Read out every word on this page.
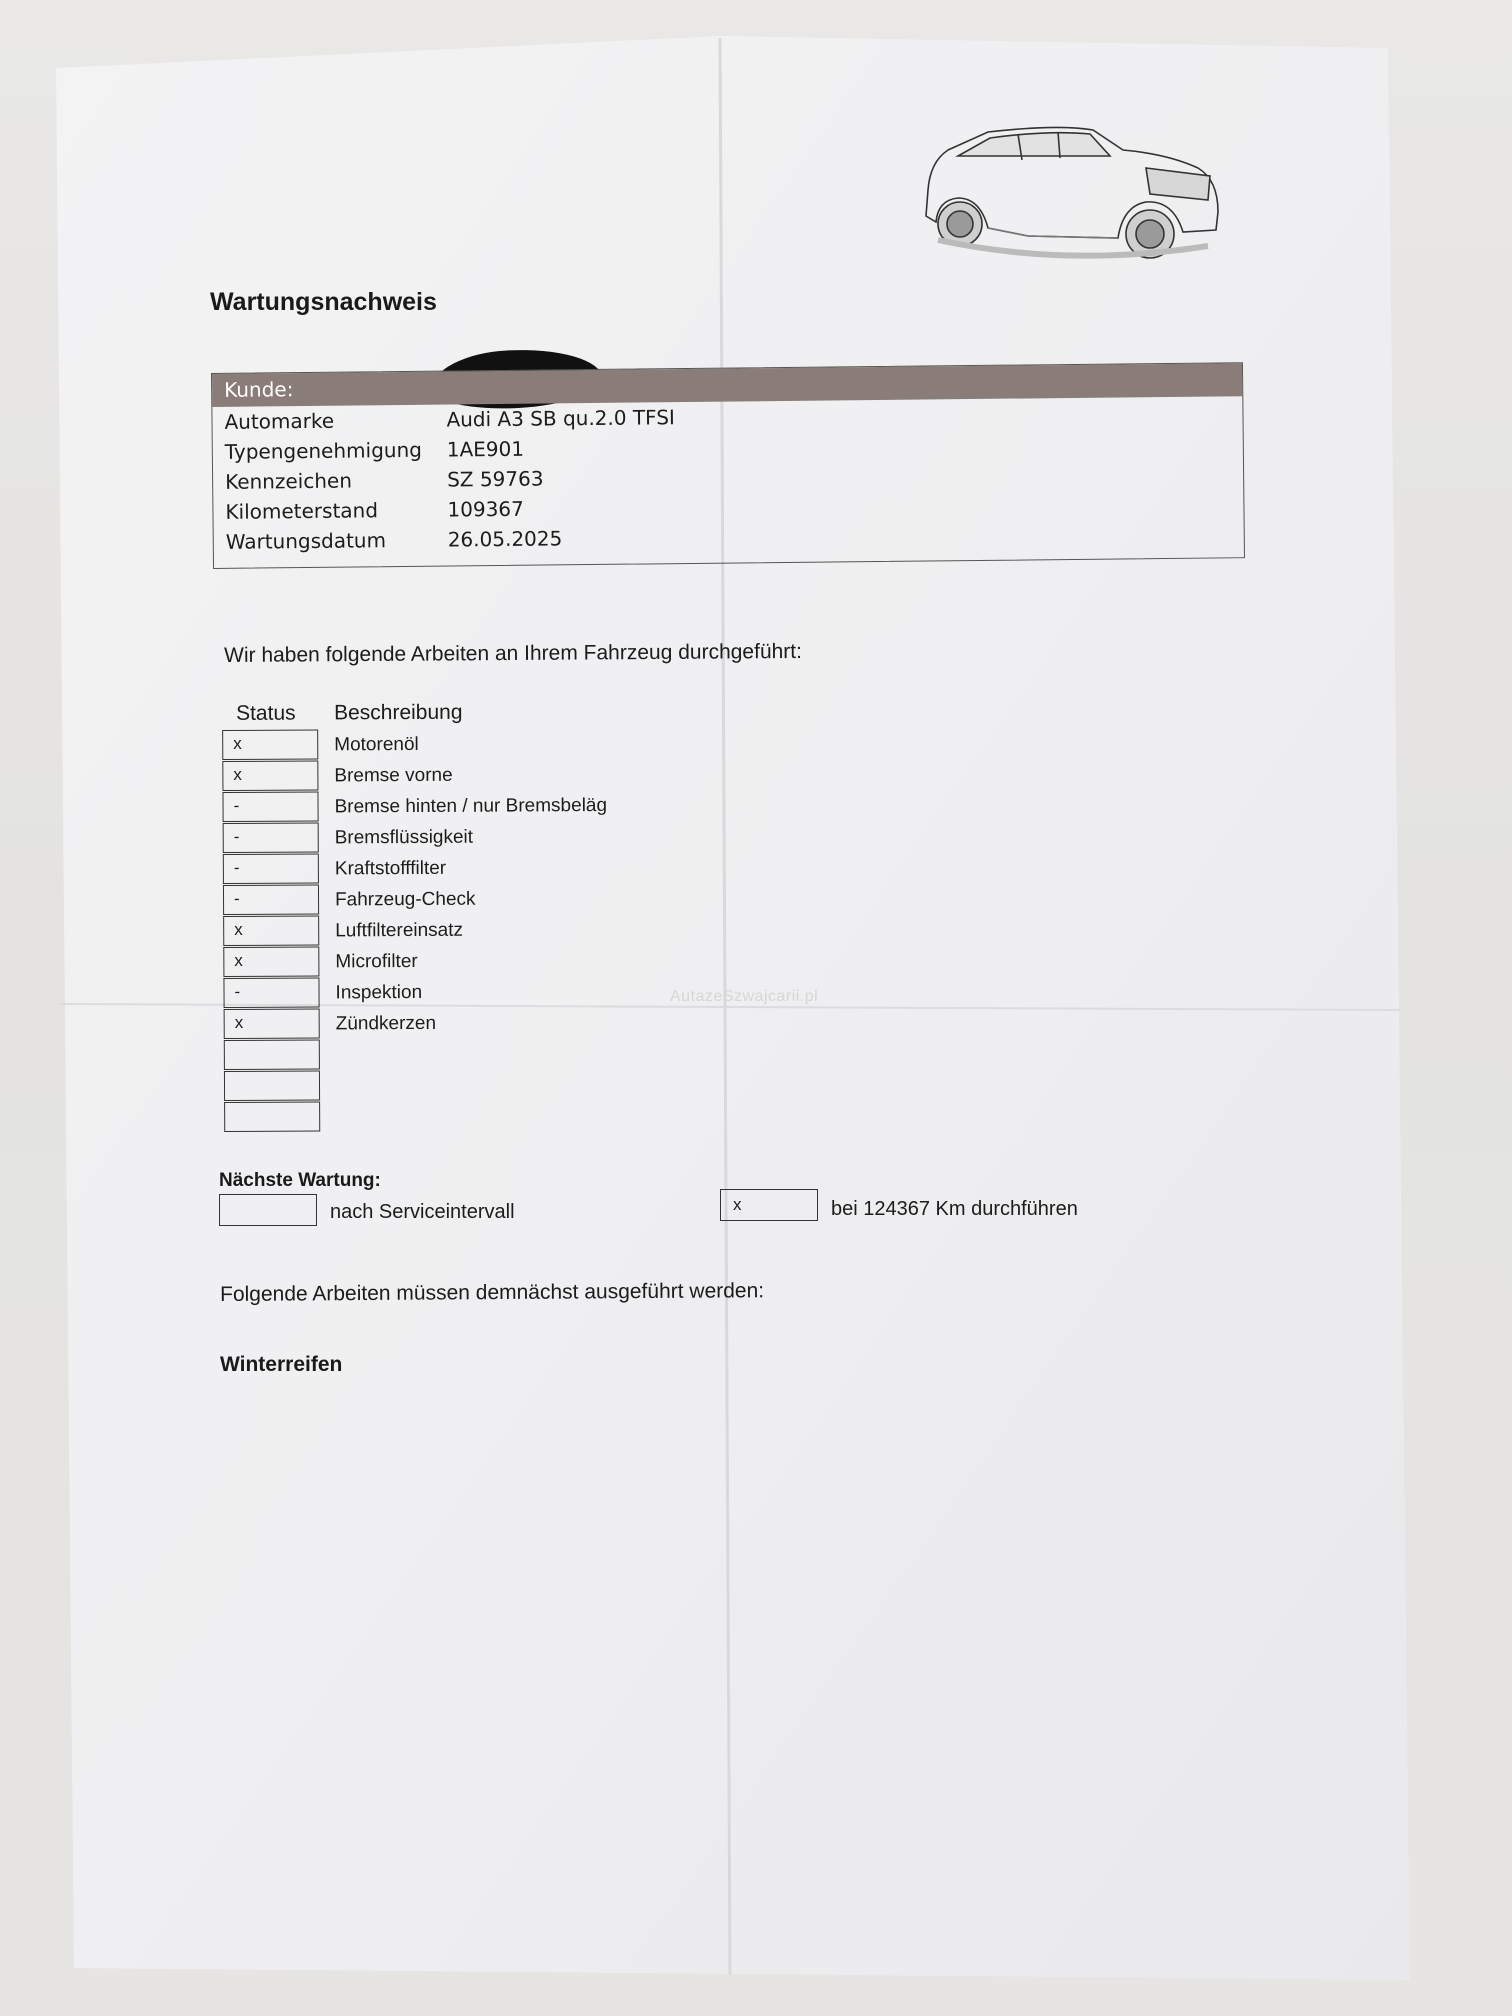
Wartungsnachweis
AutazeSzwajcarii.pl
Kunde:
Automarke	Audi A3 SB qu.2.0 TFSI
Typengenehmigung 1AE901
Kennzeichen	SZ 59763
Kilometerstand	109367
Wartungsdatum	26.05.2025
Wir haben folgende Arbeiten an Ihrem Fahrzeug durchgeführt:
Status Beschreibung
x	Motorenöl
x	Bremse vorne
-	Bremse hinten / nur Bremsbeläg
-	Bremsflüssigkeit
-	Kraftstofffilter
-	Fahrzeug-Check
x	Luftfiltereinsatz
x	Microfilter
-	Inspektion
x	Zündkerzen
Nächste Wartung:
nach Serviceintervall	x	bei 124367 Km durchführen
Folgende Arbeiten müssen demnächst ausgeführt werden:
Winterreifen
